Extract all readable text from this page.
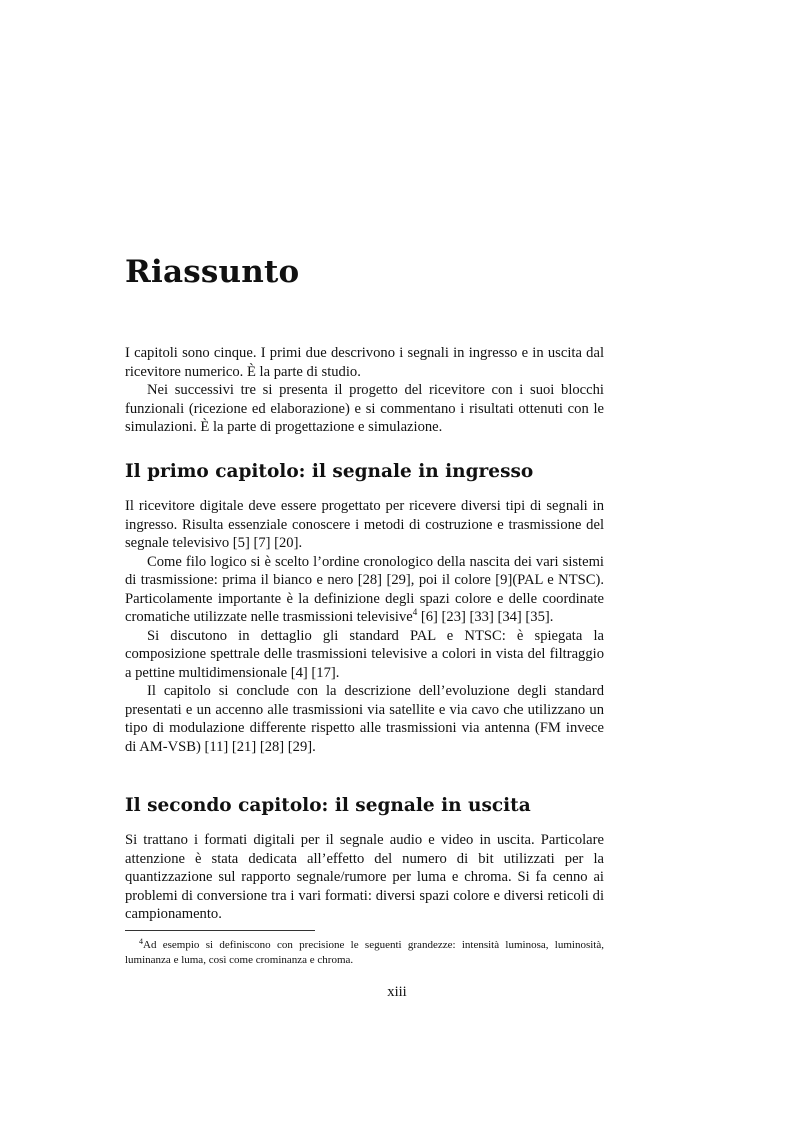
Riassunto

I capitoli sono cinque. I primi due descrivono i segnali in ingresso e in uscita dal ricevitore numerico. È la parte di studio.

Nei successivi tre si presenta il progetto del ricevitore con i suoi blocchi funzionali (ricezione ed elaborazione) e si commentano i risultati ottenuti con le simulazioni. È la parte di progettazione e simulazione.

Il primo capitolo: il segnale in ingresso

Il ricevitore digitale deve essere progettato per ricevere diversi tipi di segnali in ingresso. Risulta essenziale conoscere i metodi di costruzione e trasmissione del segnale televisivo [5] [7] [20].

Come filo logico si è scelto l’ordine cronologico della nascita dei vari sistemi di trasmissione: prima il bianco e nero [28] [29], poi il colore [9](PAL e NTSC). Particolamente importante è la definizione degli spazi colore e delle coordinate cromatiche utilizzate nelle trasmissioni televisive$^4$ [6] [23] [33] [34] [35].

Si discutono in dettaglio gli standard PAL e NTSC: è spiegata la composizione spettrale delle trasmissioni televisive a colori in vista del filtraggio a pettine multidimensionale [4] [17].

Il capitolo si conclude con la descrizione dell’evoluzione degli standard presentati e un accenno alle trasmissioni via satellite e via cavo che utilizzano un tipo di modulazione differente rispetto alle trasmissioni via antenna (FM invece di AM-VSB) [11] [21] [28] [29].

Il secondo capitolo: il segnale in uscita

Si trattano i formati digitali per il segnale audio e video in uscita. Particolare attenzione è stata dedicata all’effetto del numero di bit utilizzati per la quantizzazione sul rapporto segnale/rumore per luma e chroma. Si fa cenno ai problemi di conversione tra i vari formati: diversi spazi colore e diversi reticoli di campionamento.

$^4$Ad esempio si definiscono con precisione le seguenti grandezze: intensità luminosa, luminosità, luminanza e luma, così come crominanza e chroma.

xiii
